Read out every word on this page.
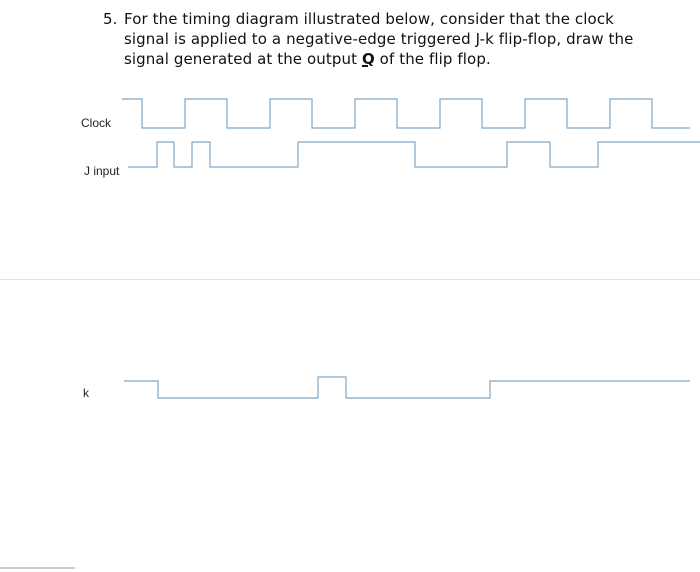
5. For the timing diagram illustrated below, consider that the clock
signal is applied to a negative-edge triggered J-k flip-flop, draw the
signal generated at the output Q of the flip flop.
Clock
J input
k
